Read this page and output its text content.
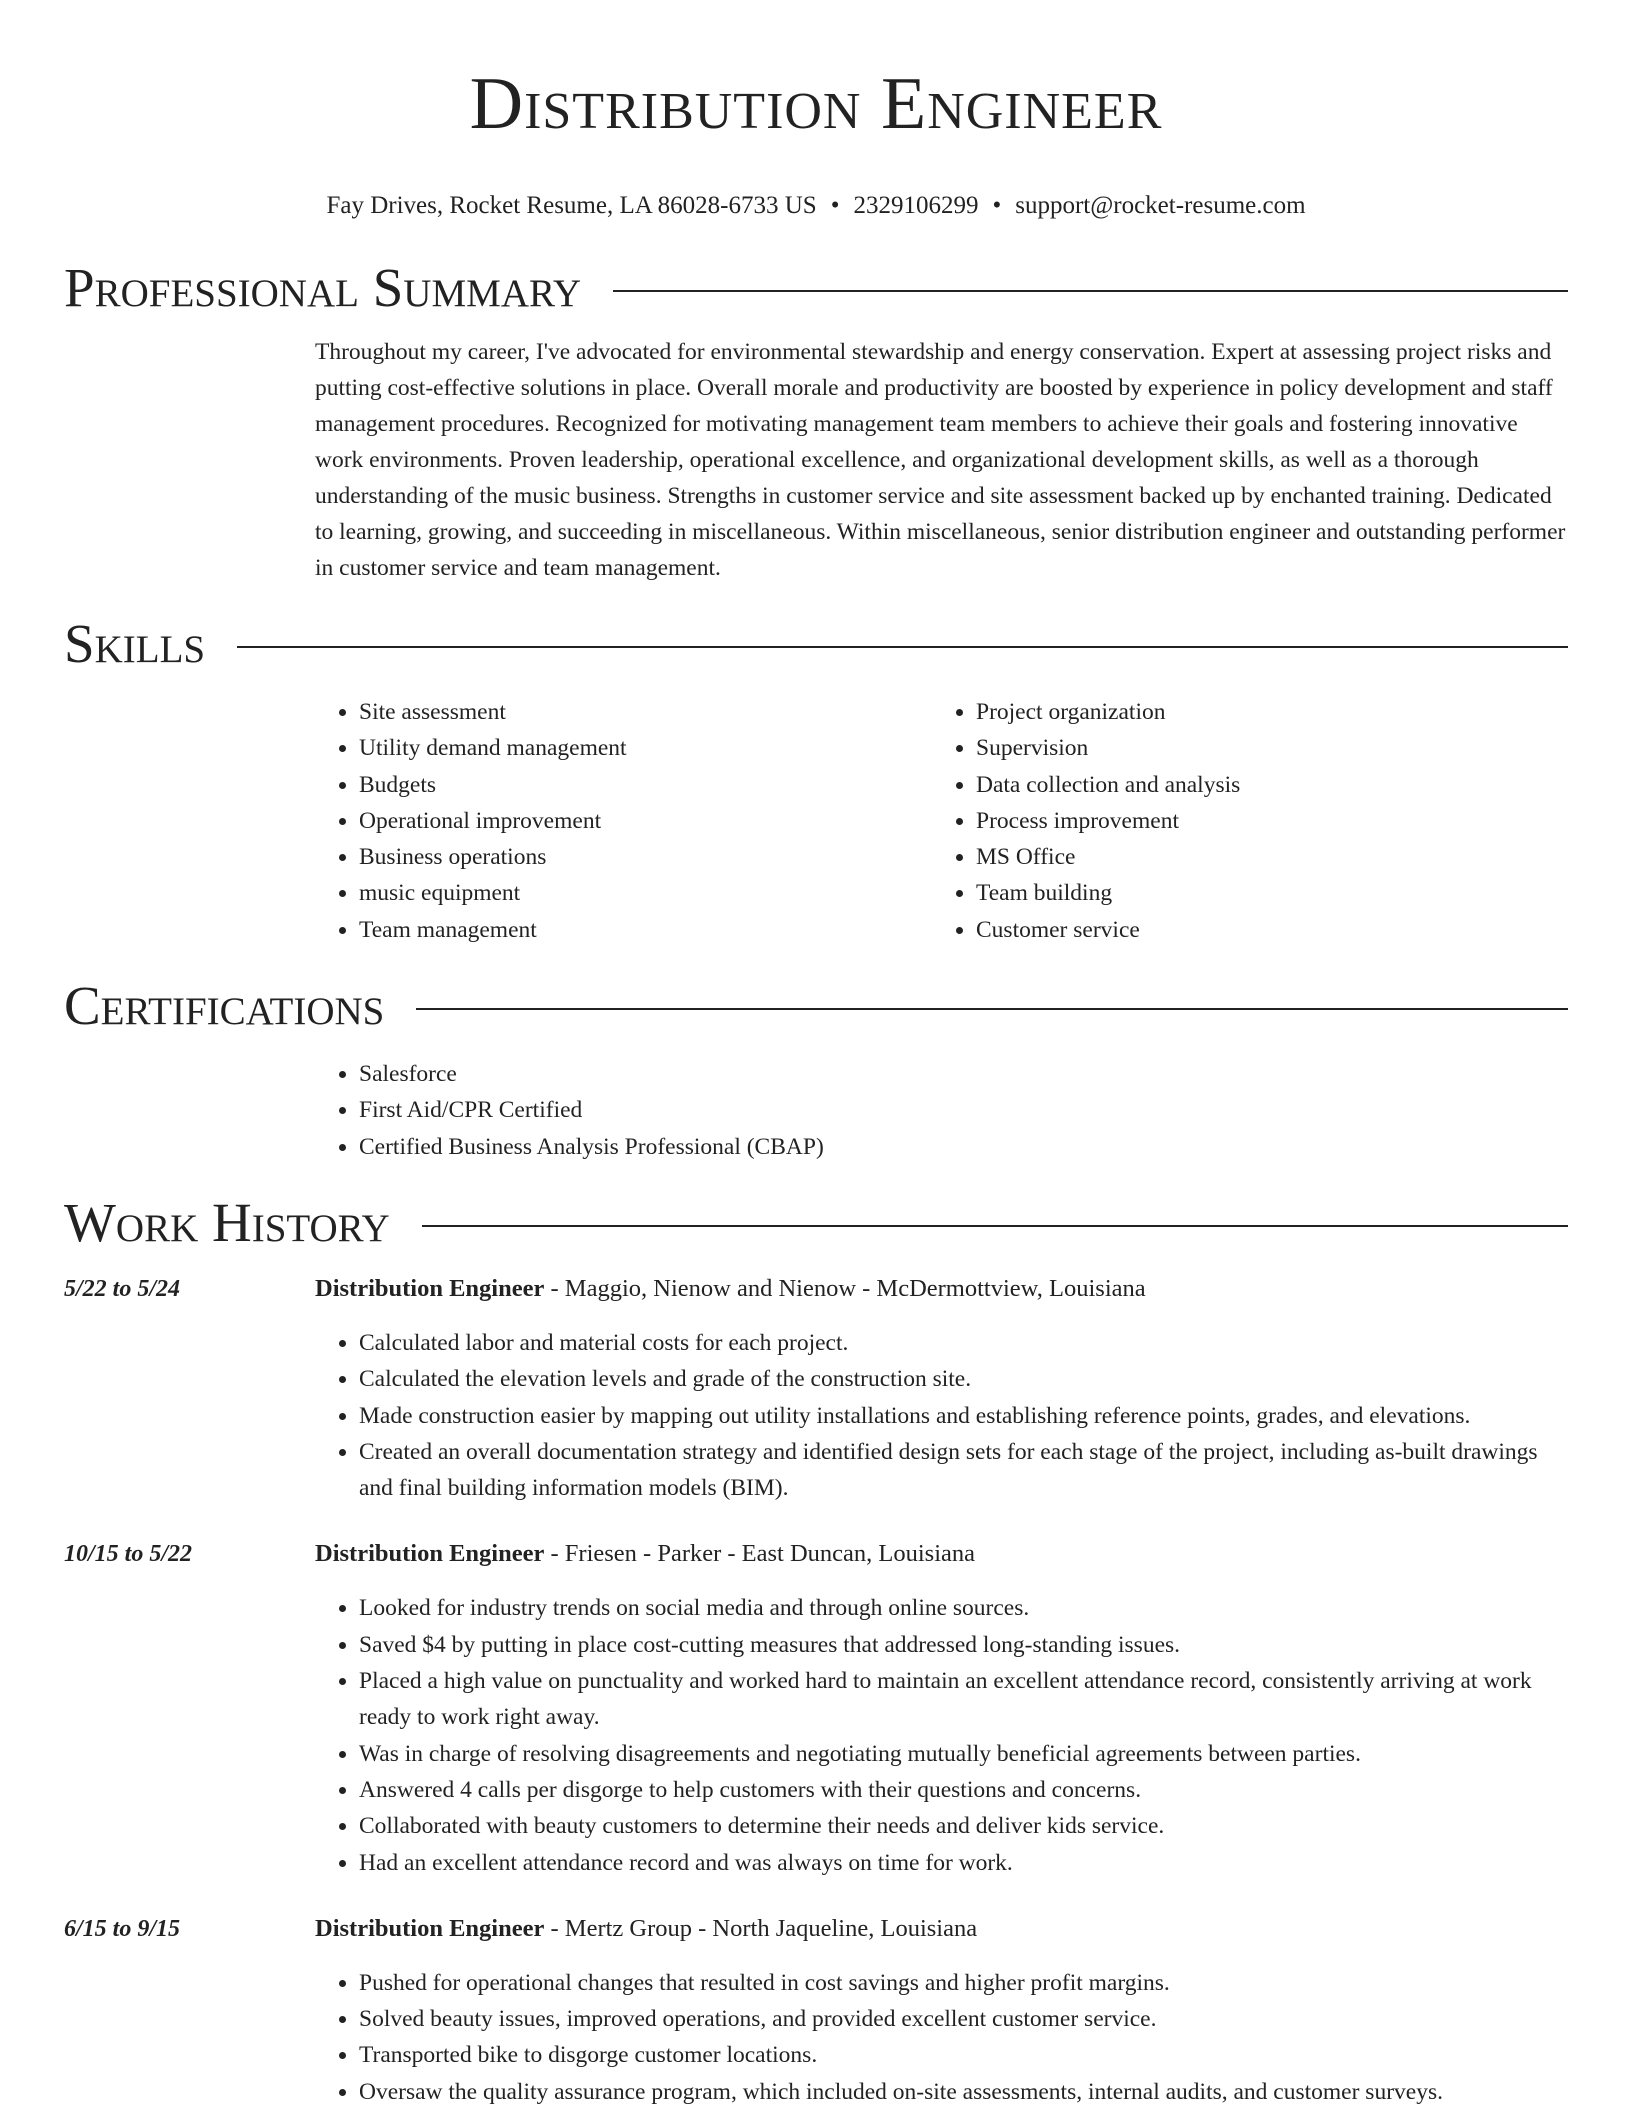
Distribution Engineer
Fay Drives, Rocket Resume, LA 86028-6733 US • 2329106299 • support@rocket-resume.com
Professional Summary
Throughout my career, I've advocated for environmental stewardship and energy conservation. Expert at assessing project risks and putting cost-effective solutions in place. Overall morale and productivity are boosted by experience in policy development and staff management procedures. Recognized for motivating management team members to achieve their goals and fostering innovative work environments. Proven leadership, operational excellence, and organizational development skills, as well as a thorough understanding of the music business. Strengths in customer service and site assessment backed up by enchanted training. Dedicated to learning, growing, and succeeding in miscellaneous. Within miscellaneous, senior distribution engineer and outstanding performer in customer service and team management.
Skills
• Site assessment
• Utility demand management
• Budgets
• Operational improvement
• Business operations
• music equipment
• Team management
• Project organization
• Supervision
• Data collection and analysis
• Process improvement
• MS Office
• Team building
• Customer service
Certifications
• Salesforce
• First Aid/CPR Certified
• Certified Business Analysis Professional (CBAP)
Work History
5/22 to 5/24	Distribution Engineer - Maggio, Nienow and Nienow - McDermottview, Louisiana
• Calculated labor and material costs for each project.
• Calculated the elevation levels and grade of the construction site.
• Made construction easier by mapping out utility installations and establishing reference points, grades, and elevations.
• Created an overall documentation strategy and identified design sets for each stage of the project, including as-built drawings and final building information models (BIM).
10/15 to 5/22	Distribution Engineer - Friesen - Parker - East Duncan, Louisiana
• Looked for industry trends on social media and through online sources.
• Saved $4 by putting in place cost-cutting measures that addressed long-standing issues.
• Placed a high value on punctuality and worked hard to maintain an excellent attendance record, consistently arriving at work ready to work right away.
• Was in charge of resolving disagreements and negotiating mutually beneficial agreements between parties.
• Answered 4 calls per disgorge to help customers with their questions and concerns.
• Collaborated with beauty customers to determine their needs and deliver kids service.
• Had an excellent attendance record and was always on time for work.
6/15 to 9/15	Distribution Engineer - Mertz Group - North Jaqueline, Louisiana
• Pushed for operational changes that resulted in cost savings and higher profit margins.
• Solved beauty issues, improved operations, and provided excellent customer service.
• Transported bike to disgorge customer locations.
• Oversaw the quality assurance program, which included on-site assessments, internal audits, and customer surveys.
